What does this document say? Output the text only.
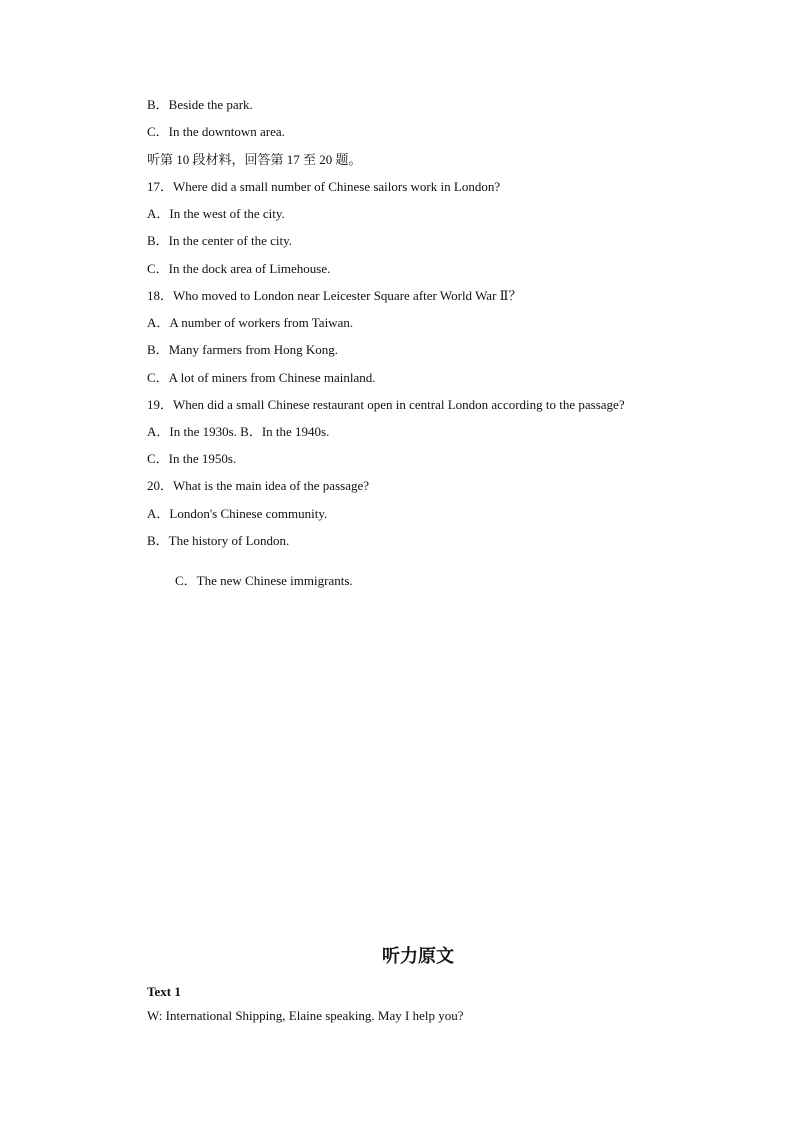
B．Beside the park.
C．In the downtown area.
听第 10 段材料，回答第 17 至 20 题。
17．Where did a small number of Chinese sailors work in London?
A．In the west of the city.
B．In the center of the city.
C．In the dock area of Limehouse.
18．Who moved to London near Leicester Square after World War Ⅱ？
A．A number of workers from Taiwan.
B．Many farmers from Hong Kong.
C．A lot of miners from Chinese mainland.
19．When did a small Chinese restaurant open in central London according to the passage?
A．In the 1930s. B．In the 1940s.
C．In the 1950s.
20．What is the main idea of the passage?
A．London's Chinese community.
B．The history of London.
C．The new Chinese immigrants.
听力原文
Text 1
W: International Shipping, Elaine speaking. May I help you?
